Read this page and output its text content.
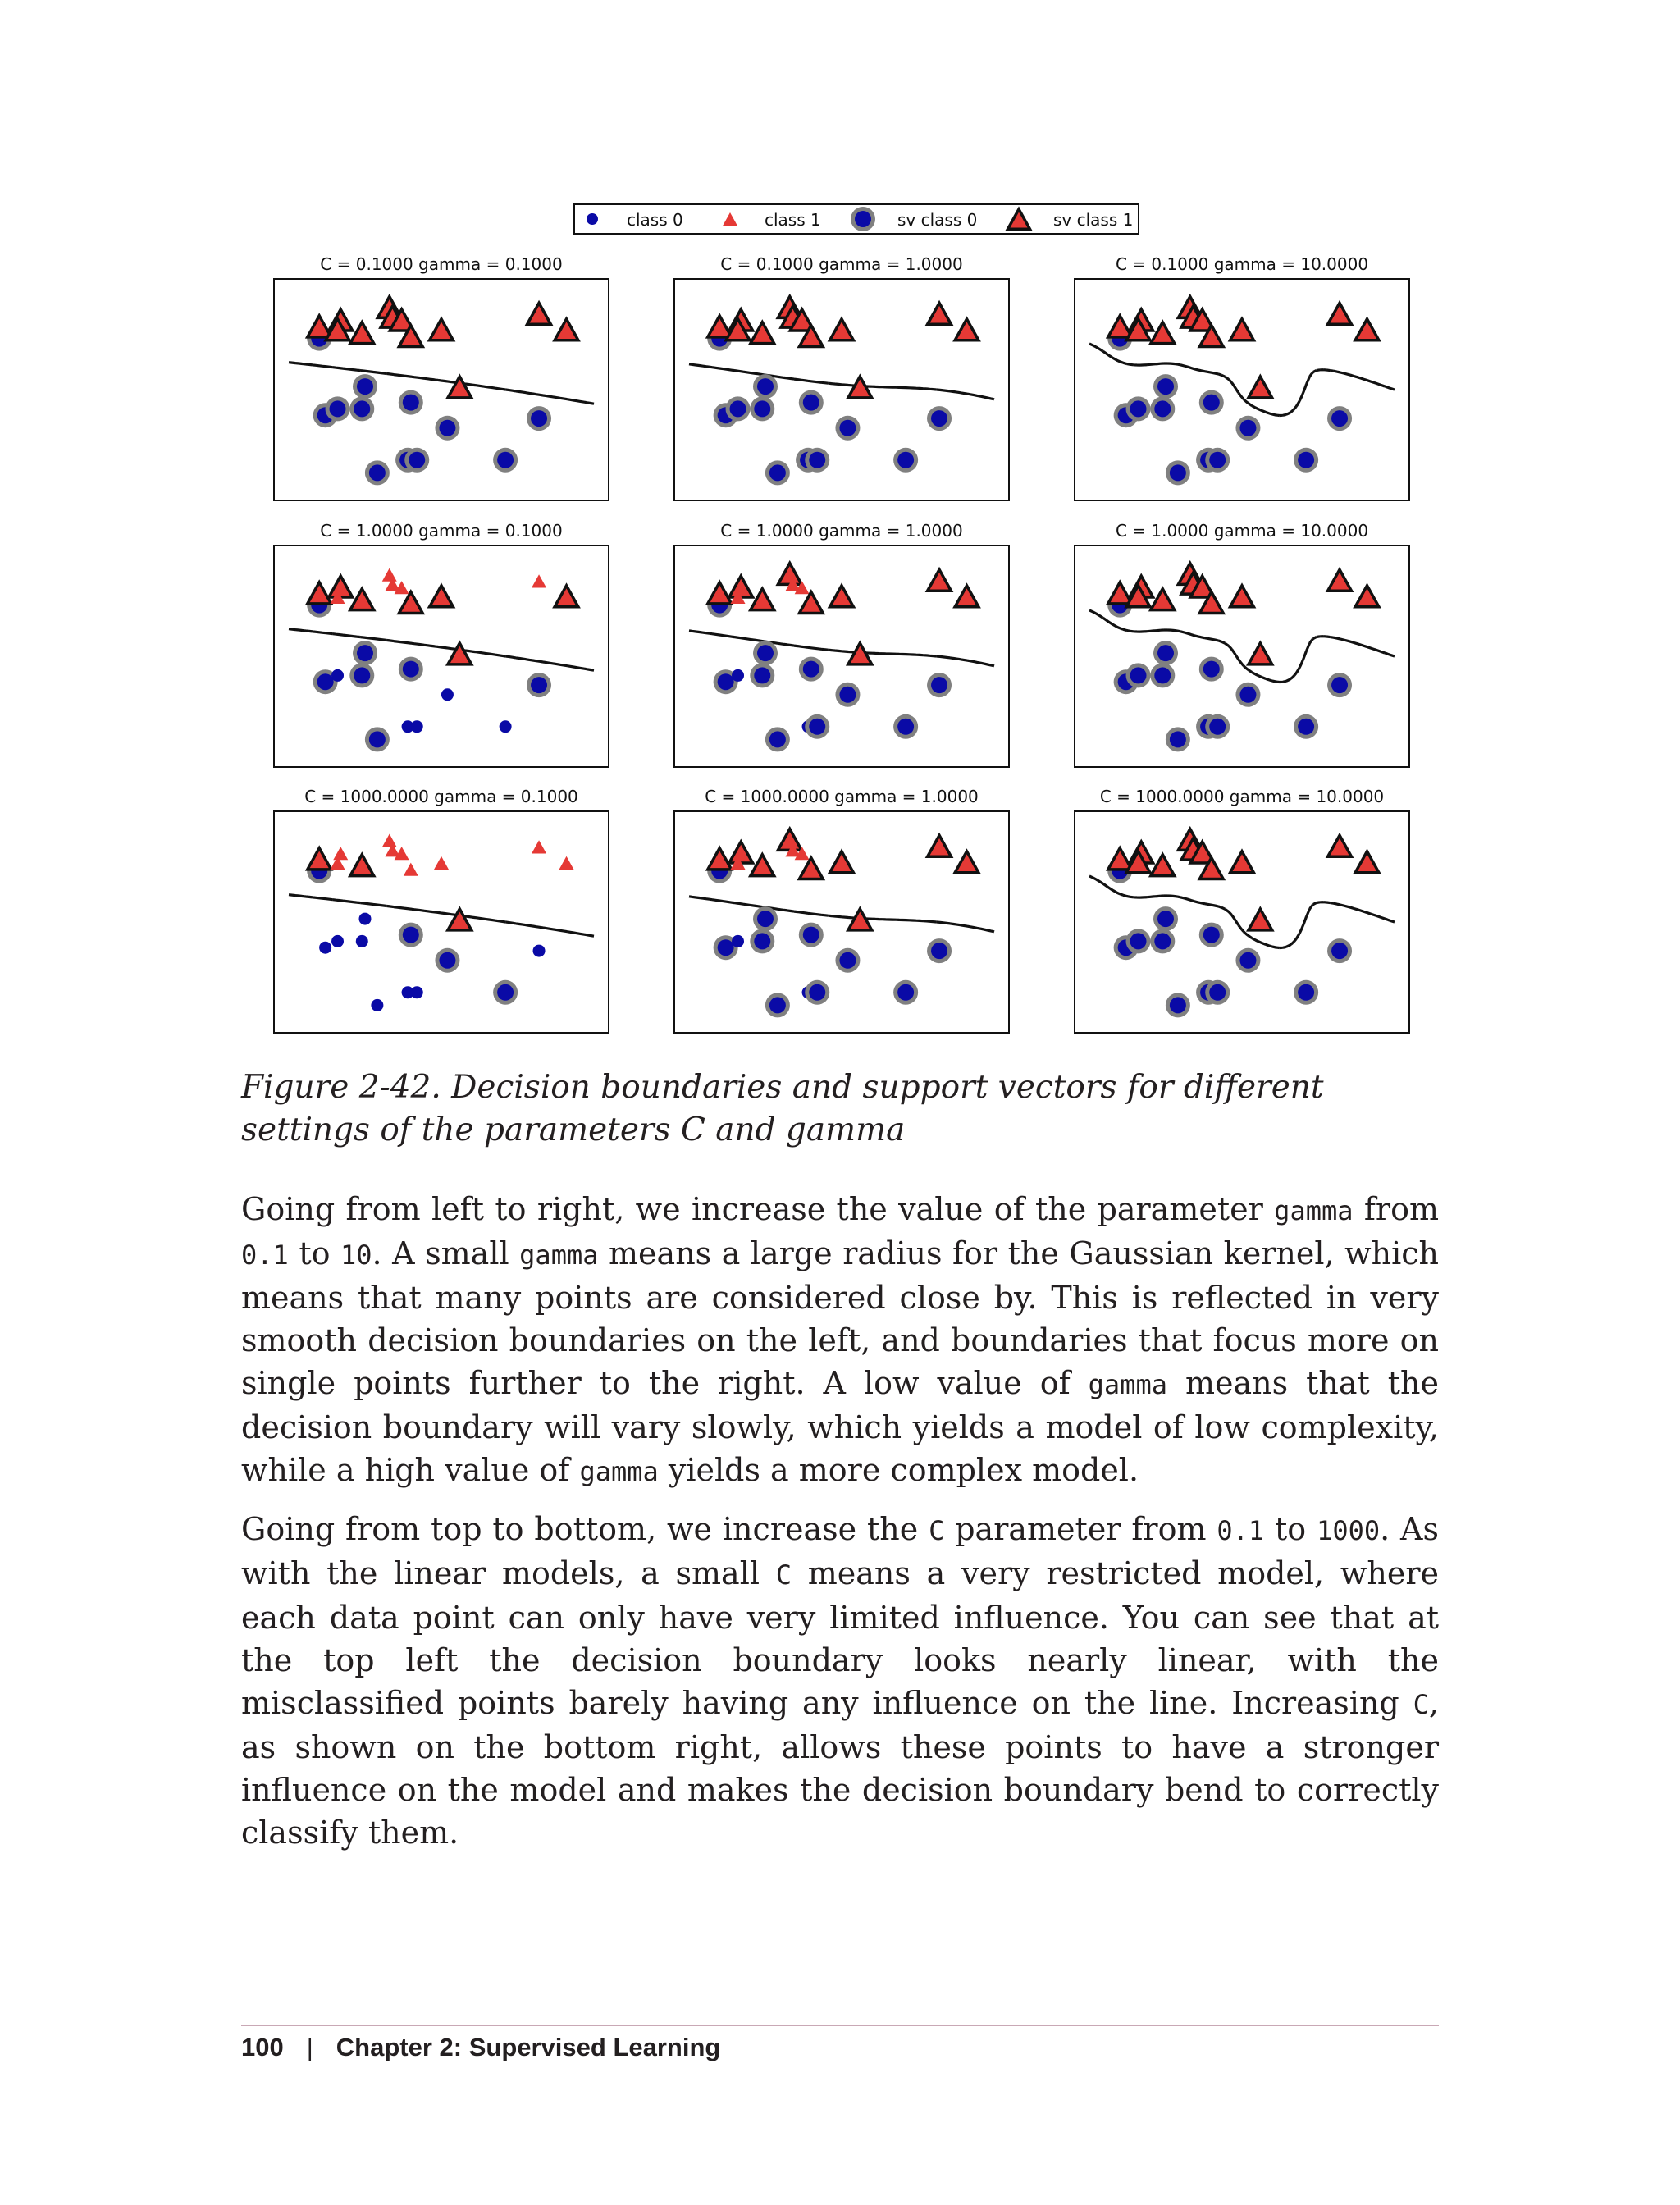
class 0	class 1	sv class 0	sv class 1
C = 0.1000 gamma = 0.1000	C = 0.1000 gamma = 1.0000	C = 0.1000 gamma = 10.0000
C = 1.0000 gamma = 0.1000	C = 1.0000 gamma = 1.0000	C = 1.0000 gamma = 10.0000
C = 1000.0000 gamma = 0.1000	C = 1000.0000 gamma = 1.0000	C = 1000.0000 gamma = 10.0000

Figure 2-42. Decision boundaries and support vectors for different settings of the parameters C and gamma

Going from left to right, we increase the value of the parameter gamma from 0.1 to 10. A small gamma means a large radius for the Gaussian kernel, which means that many points are considered close by. This is reflected in very smooth decision boundaries on the left, and boundaries that focus more on single points further to the right. A low value of gamma means that the decision boundary will vary slowly, which yields a model of low complexity, while a high value of gamma yields a more complex model.

Going from top to bottom, we increase the C parameter from 0.1 to 1000. As with the linear models, a small C means a very restricted model, where each data point can only have very limited influence. You can see that at the top left the decision boundary looks nearly linear, with the misclassified points barely having any influence on the line. Increasing C, as shown on the bottom right, allows these points to have a stronger influence on the model and makes the decision boundary bend to correctly classify them.

100 | Chapter 2: Supervised Learning
